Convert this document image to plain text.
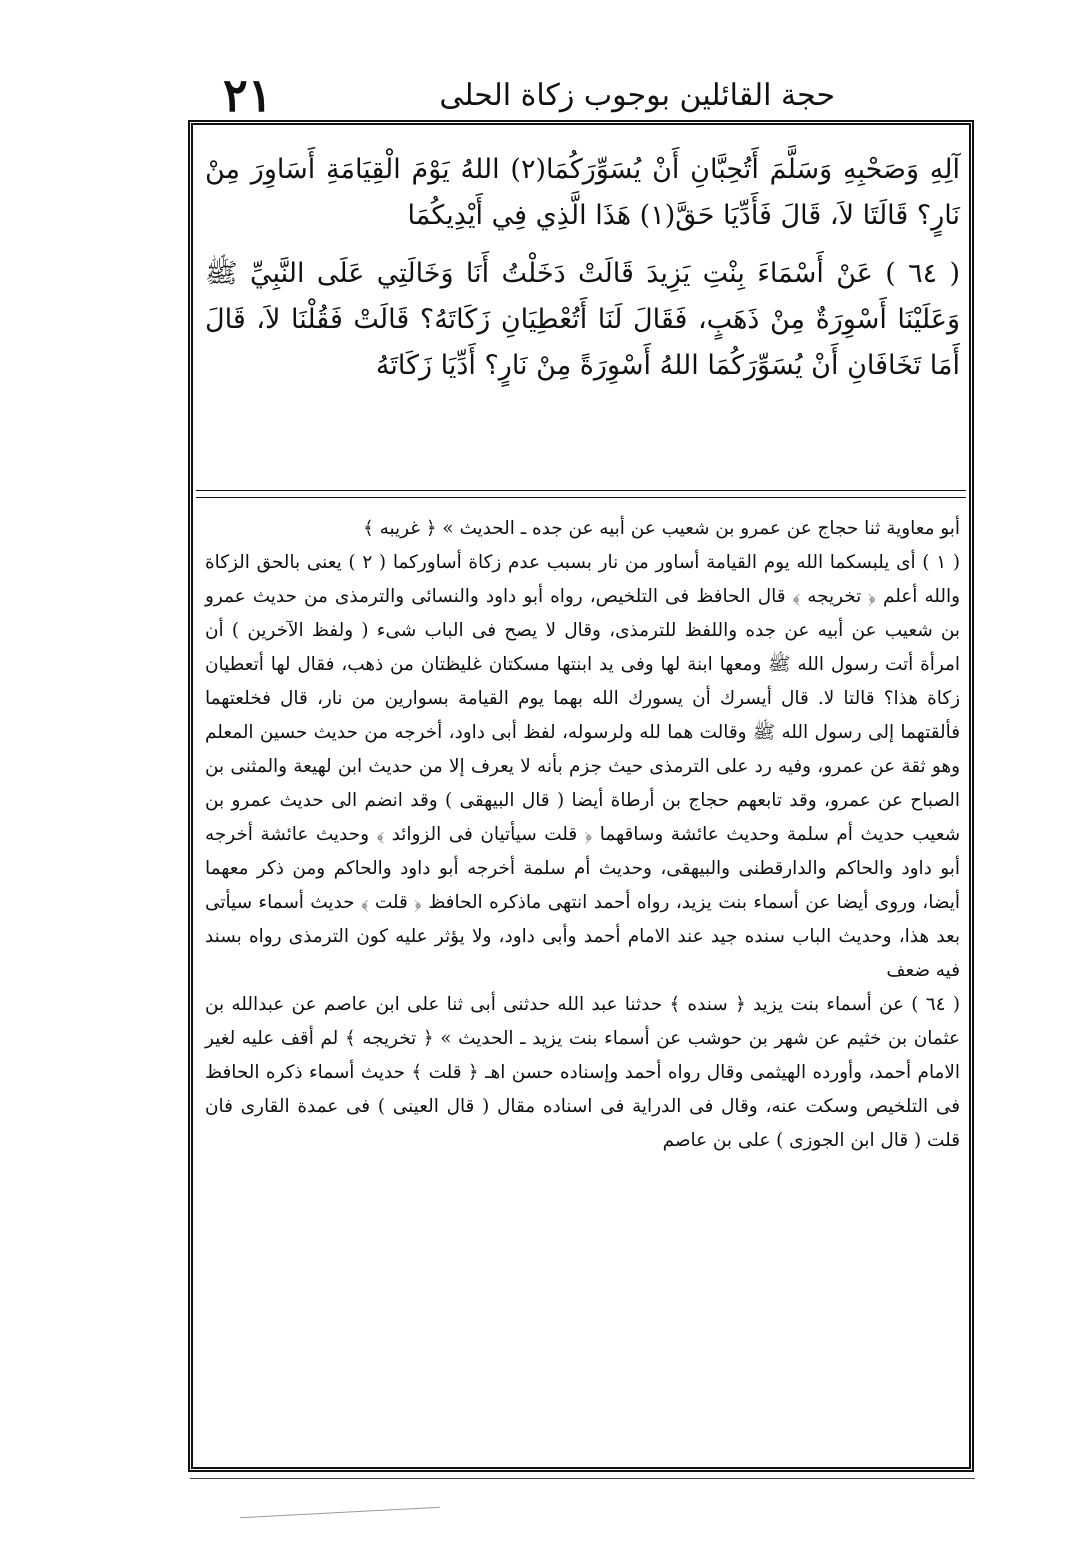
٢١	حجة القائلين بوجوب زكاة الحلى

آلِهِ وَصَحْبِهِ وَسَلَّمَ أَتُحِبَّانِ أَنْ يُسَوِّرَكُمَا(٢) اللهُ يَوْمَ الْقِيَامَةِ أَسَاوِرَ مِنْ نَارٍ؟ قَالَتَا لاَ، قَالَ فَأَدِّيَا حَقَّ(١) هَذَا الَّذِي فِي أَيْدِيكُمَا

( ٦٤ ) عَنْ أَسْمَاءَ بِنْتِ يَزِيدَ قَالَتْ دَخَلْتُ أَنَا وَخَالَتِي عَلَى النَّبِيِّ ﷺ وَعَلَيْنَا أَسْوِرَةٌ مِنْ ذَهَبٍ، فَقَالَ لَنَا أَتُعْطِيَانِ زَكَاتَهُ؟ قَالَتْ فَقُلْنَا لاَ، قَالَ أَمَا تَخَافَانِ أَنْ يُسَوِّرَكُمَا اللهُ أَسْوِرَةً مِنْ نَارٍ؟ أَدِّيَا زَكَاتَهُ

أبو معاوية ثنا حجاج عن عمرو بن شعيب عن أبيه عن جده ـ الحديث » ﴿ غريبه ﴾

( ١ ) أى يلبسكما الله يوم القيامة أساور من نار بسبب عدم زكاة أساوركما ( ٢ ) يعنى بالحق الزكاة والله أعلم ﴿ تخريجه ﴾ قال الحافظ فى التلخيص، رواه أبو داود والنسائى والترمذى من حديث عمرو بن شعيب عن أبيه عن جده واللفظ للترمذى، وقال لا يصح فى الباب شىء ( ولفظ الآخرين ) أن امرأة أتت رسول الله ﷺ ومعها ابنة لها وفى يد ابنتها مسكتان غليظتان من ذهب، فقال لها أتعطيان زكاة هذا؟ قالتا لا. قال أيسرك أن يسورك الله بهما يوم القيامة بسوارين من نار، قال فخلعتهما فألقتهما إلى رسول الله ﷺ وقالت هما لله ولرسوله، لفظ أبى داود، أخرجه من حديث حسين المعلم وهو ثقة عن عمرو، وفيه رد على الترمذى حيث جزم بأنه لا يعرف إلا من حديث ابن لهيعة والمثنى بن الصباح عن عمرو، وقد تابعهم حجاج بن أرطاة أيضا ( قال البيهقى ) وقد انضم الى حديث عمرو بن شعيب حديث أم سلمة وحديث عائشة وساقهما ﴿ قلت سيأتيان فى الزوائد ﴾ وحديث عائشة أخرجه أبو داود والحاكم والدارقطنى والبيهقى، وحديث أم سلمة أخرجه أبو داود والحاكم ومن ذكر معهما أيضا، وروى أيضا عن أسماء بنت يزيد، رواه أحمد انتهى ماذكره الحافظ ﴿ قلت ﴾ حديث أسماء سيأتى بعد هذا، وحديث الباب سنده جيد عند الامام أحمد وأبى داود، ولا يؤثر عليه كون الترمذى رواه بسند فيه ضعف

( ٦٤ ) عن أسماء بنت يزيد ﴿ سنده ﴾ حدثنا عبد الله حدثنى أبى ثنا على ابن عاصم عن عبدالله بن عثمان بن خثيم عن شهر بن حوشب عن أسماء بنت يزيد ـ الحديث » ﴿ تخريجه ﴾ لم أقف عليه لغير الامام أحمد، وأورده الهيثمى وقال رواه أحمد وإسناده حسن اهـ ﴿ قلت ﴾ حديث أسماء ذكره الحافظ فى التلخيص وسكت عنه، وقال فى الدراية فى اسناده مقال ( قال العينى ) فى عمدة القارى فان قلت ( قال ابن الجوزى ) على بن عاصم
